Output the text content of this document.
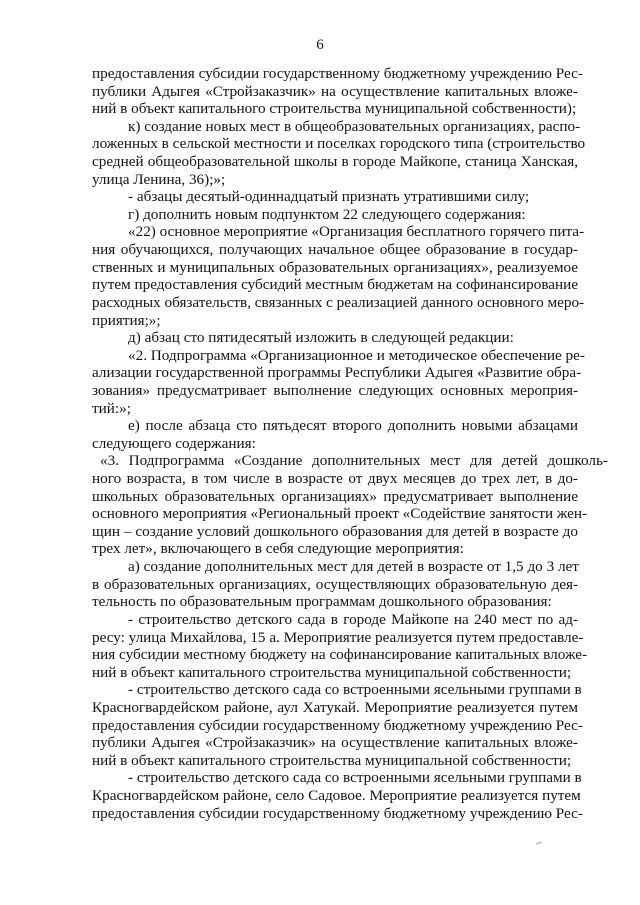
6
предоставления субсидии государственному бюджетному учреждению Рес-
публики Адыгея «Стройзаказчик» на осуществление капитальных вложе-
ний в объект капитального строительства муниципальной собственности);
к) создание новых мест в общеобразовательных организациях, распо-
ложенных в сельской местности и поселках городского типа (строительство
средней общеобразовательной школы в городе Майкопе, станица Ханская,
улица Ленина, 36);»;
- абзацы десятый-одиннадцатый признать утратившими силу;
г) дополнить новым подпунктом 22 следующего содержания:
«22) основное мероприятие «Организация бесплатного горячего пита-
ния обучающихся, получающих начальное общее образование в государ-
ственных и муниципальных образовательных организациях», реализуемое
путем предоставления субсидий местным бюджетам на софинансирование
расходных обязательств, связанных с реализацией данного основного меро-
приятия;»;
д) абзац сто пятидесятый изложить в следующей редакции:
«2. Подпрограмма «Организационное и методическое обеспечение ре-
ализации государственной программы Республики Адыгея «Развитие обра-
зования» предусматривает выполнение следующих основных мероприя-
тий:»;
е) после абзаца сто пятьдесят второго дополнить новыми абзацами
следующего содержания:
«3. Подпрограмма «Создание дополнительных мест для детей дошколь-
ного возраста, в том числе в возрасте от двух месяцев до трех лет, в до-
школьных образовательных организациях» предусматривает выполнение
основного мероприятия «Региональный проект «Содействие занятости жен-
щин – создание условий дошкольного образования для детей в возрасте до
трех лет», включающего в себя следующие мероприятия:
а) создание дополнительных мест для детей в возрасте от 1,5 до 3 лет
в образовательных организациях, осуществляющих образовательную дея-
тельность по образовательным программам дошкольного образования:
- строительство детского сада в городе Майкопе на 240 мест по ад-
ресу: улица Михайлова, 15 а. Мероприятие реализуется путем предоставле-
ния субсидии местному бюджету на софинансирование капитальных вложе-
ний в объект капитального строительства муниципальной собственности;
- строительство детского сада со встроенными ясельными группами в
Красногвардейском районе, аул Хатукай. Мероприятие реализуется путем
предоставления субсидии государственному бюджетному учреждению Рес-
публики Адыгея «Стройзаказчик» на осуществление капитальных вложе-
ний в объект капитального строительства муниципальной собственности;
- строительство детского сада со встроенными ясельными группами в
Красногвардейском районе, село Садовое. Мероприятие реализуется путем
предоставления субсидии государственному бюджетному учреждению Рес-
